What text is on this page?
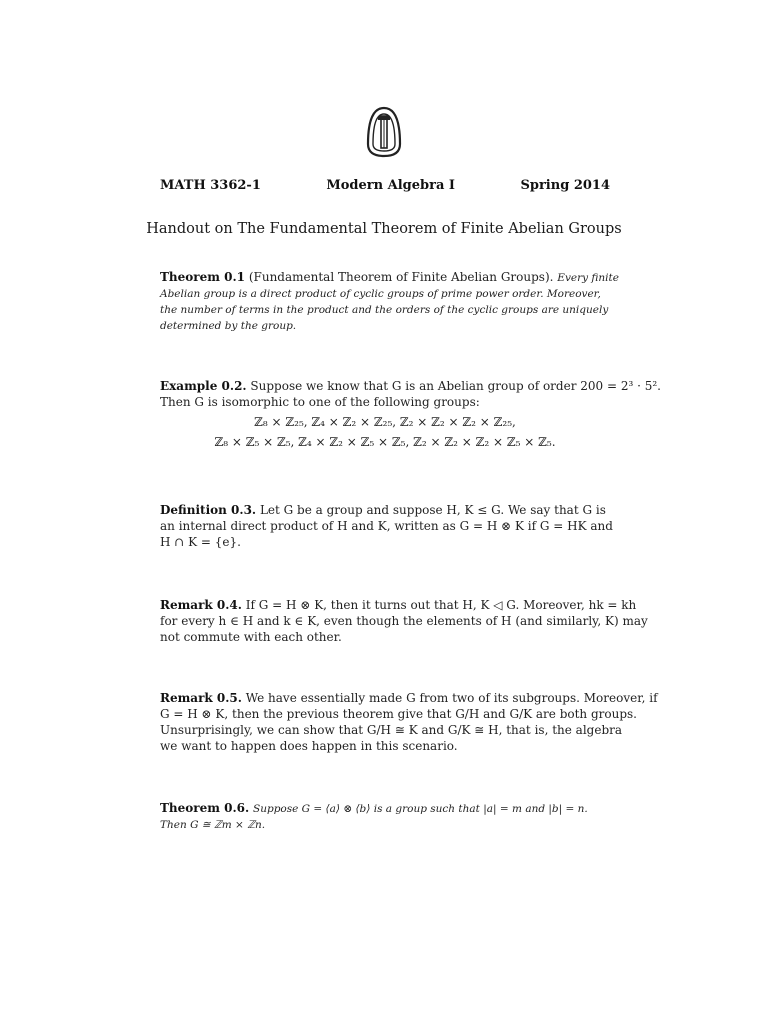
MATH 3362-1	Modern Algebra I	Spring 2014
Handout on The Fundamental Theorem of Finite Abelian Groups
Theorem 0.1 (Fundamental Theorem of Finite Abelian Groups). Every finite
Abelian group is a direct product of cyclic groups of prime power order. Moreover,
the number of terms in the product and the orders of the cyclic groups are uniquely
determined by the group.
Example 0.2. Suppose we know that G is an Abelian group of order 200 = 2³ · 5².
Then G is isomorphic to one of the following groups:
ℤ₈ × ℤ₂₅, ℤ₄ × ℤ₂ × ℤ₂₅, ℤ₂ × ℤ₂ × ℤ₂ × ℤ₂₅,
ℤ₈ × ℤ₅ × ℤ₅, ℤ₄ × ℤ₂ × ℤ₅ × ℤ₅, ℤ₂ × ℤ₂ × ℤ₂ × ℤ₅ × ℤ₅.
Definition 0.3. Let G be a group and suppose H, K ≤ G. We say that G is
an internal direct product of H and K, written as G = H ⊗ K if G = HK and
H ∩ K = {e}.
Remark 0.4. If G = H ⊗ K, then it turns out that H, K ◁ G. Moreover, hk = kh
for every h ∈ H and k ∈ K, even though the elements of H (and similarly, K) may
not commute with each other.
Remark 0.5. We have essentially made G from two of its subgroups. Moreover, if
G = H ⊗ K, then the previous theorem give that G/H and G/K are both groups.
Unsurprisingly, we can show that G/H ≅ K and G/K ≅ H, that is, the algebra
we want to happen does happen in this scenario.
Theorem 0.6. Suppose G = ⟨a⟩ ⊗ ⟨b⟩ is a group such that |a| = m and |b| = n.
Then G ≅ ℤm × ℤn.
